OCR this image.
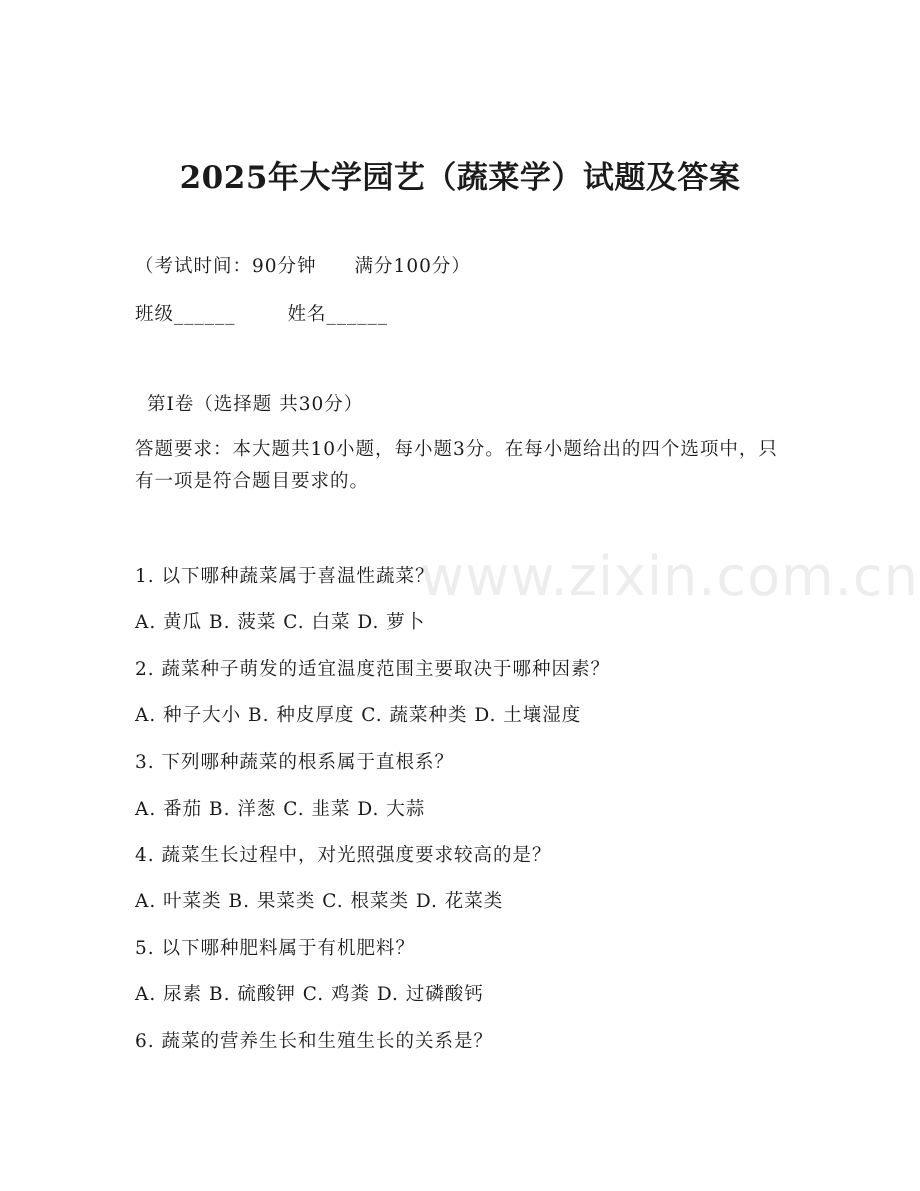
www.zixin.com.cn
2025年大学园艺（蔬菜学）试题及答案
（考试时间：90分钟 满分100分）
班级______	姓名______
第I卷（选择题 共30分）
答题要求：本大题共10小题，每小题3分。在每小题给出的四个选项中，只有一项是符合题目要求的。
1. 以下哪种蔬菜属于喜温性蔬菜？
A. 黄瓜 B. 菠菜 C. 白菜 D. 萝卜
2. 蔬菜种子萌发的适宜温度范围主要取决于哪种因素？
A. 种子大小 B. 种皮厚度 C. 蔬菜种类 D. 土壤湿度
3. 下列哪种蔬菜的根系属于直根系？
A. 番茄 B. 洋葱 C. 韭菜 D. 大蒜
4. 蔬菜生长过程中，对光照强度要求较高的是？
A. 叶菜类 B. 果菜类 C. 根菜类 D. 花菜类
5. 以下哪种肥料属于有机肥料？
A. 尿素 B. 硫酸钾 C. 鸡粪 D. 过磷酸钙
6. 蔬菜的营养生长和生殖生长的关系是？
